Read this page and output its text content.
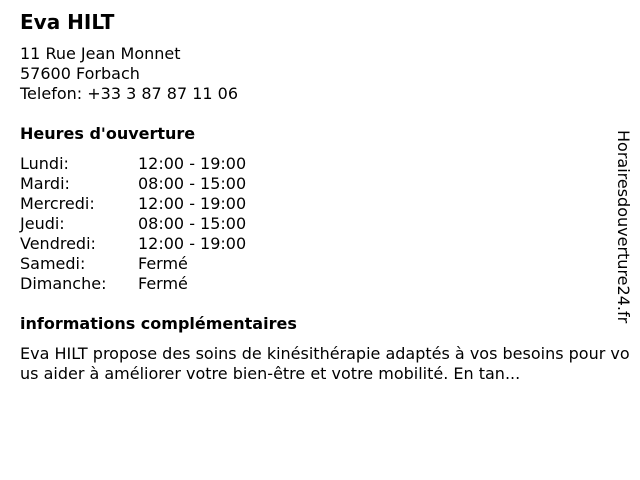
Eva HILT
11 Rue Jean Monnet
57600 Forbach
Telefon: +33 3 87 87 11 06
Heures d'ouverture
Lundi:	12:00 - 19:00
Mardi:	08:00 - 15:00
Mercredi:	12:00 - 19:00
Jeudi:	08:00 - 15:00
Vendredi:	12:00 - 19:00
Samedi:	Fermé
Dimanche:	Fermé
informations complémentaires
Eva HILT propose des soins de kinésithérapie adaptés à vos besoins pour vous aider à améliorer votre bien-être et votre mobilité. En tan...
Horairesdouverture24.fr
